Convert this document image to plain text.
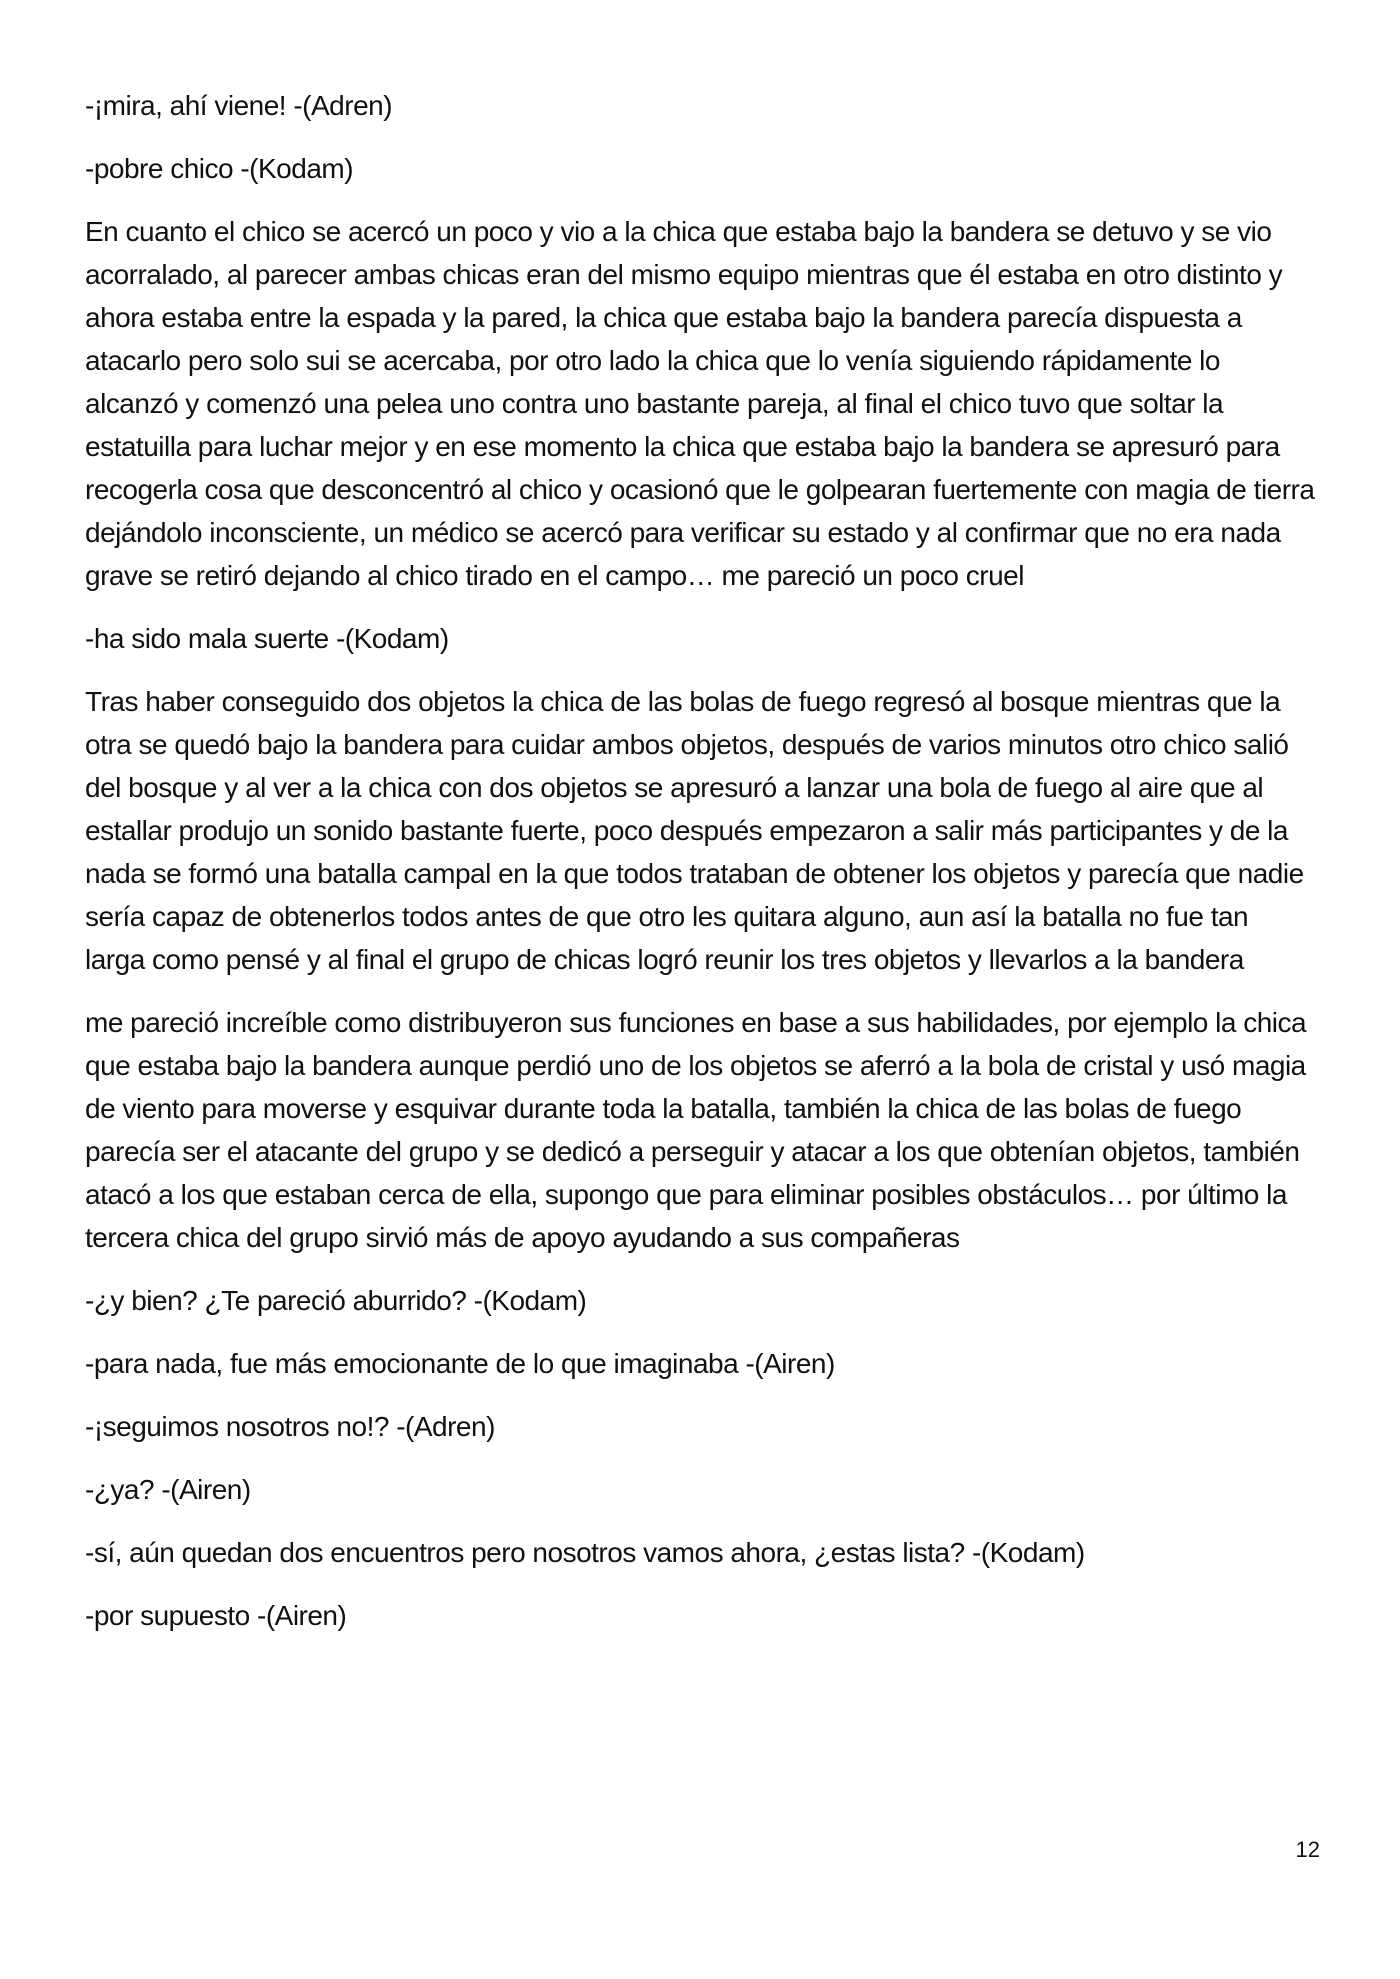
-¡mira, ahí viene! -(Adren)

-pobre chico -(Kodam)

En cuanto el chico se acercó un poco y vio a la chica que estaba bajo la bandera se detuvo y se vio acorralado, al parecer ambas chicas eran del mismo equipo mientras que él estaba en otro distinto y ahora estaba entre la espada y la pared, la chica que estaba bajo la bandera parecía dispuesta a atacarlo pero solo sui se acercaba, por otro lado la chica que lo venía siguiendo rápidamente lo alcanzó y comenzó una pelea uno contra uno bastante pareja, al final el chico tuvo que soltar la estatuilla para luchar mejor y en ese momento la chica que estaba bajo la bandera se apresuró para recogerla cosa que desconcentró al chico y ocasionó que le golpearan fuertemente con magia de tierra dejándolo inconsciente, un médico se acercó para verificar su estado y al confirmar que no era nada grave se retiró dejando al chico tirado en el campo… me pareció un poco cruel

-ha sido mala suerte -(Kodam)

Tras haber conseguido dos objetos la chica de las bolas de fuego regresó al bosque mientras que la otra se quedó bajo la bandera para cuidar ambos objetos, después de varios minutos otro chico salió del bosque y al ver a la chica con dos objetos se apresuró a lanzar una bola de fuego al aire que al estallar produjo un sonido bastante fuerte, poco después empezaron a salir más participantes y de la nada se formó una batalla campal en la que todos trataban de obtener los objetos y parecía que nadie sería capaz de obtenerlos todos antes de que otro les quitara alguno, aun así la batalla no fue tan larga como pensé y al final el grupo de chicas logró reunir los tres objetos y llevarlos a la bandera

me pareció increíble como distribuyeron sus funciones en base a sus habilidades, por ejemplo la chica que estaba bajo la bandera aunque perdió uno de los objetos se aferró a la bola de cristal y usó magia de viento para moverse y esquivar durante toda la batalla, también la chica de las bolas de fuego parecía ser el atacante del grupo y se dedicó a perseguir y atacar a los que obtenían objetos, también atacó a los que estaban cerca de ella, supongo que para eliminar posibles obstáculos… por último la tercera chica del grupo sirvió más de apoyo ayudando a sus compañeras

-¿y bien? ¿Te pareció aburrido? -(Kodam)

-para nada, fue más emocionante de lo que imaginaba -(Airen)

-¡seguimos nosotros no!? -(Adren)

-¿ya? -(Airen)

-sí, aún quedan dos encuentros pero nosotros vamos ahora, ¿estas lista? -(Kodam)

-por supuesto -(Airen)

12
